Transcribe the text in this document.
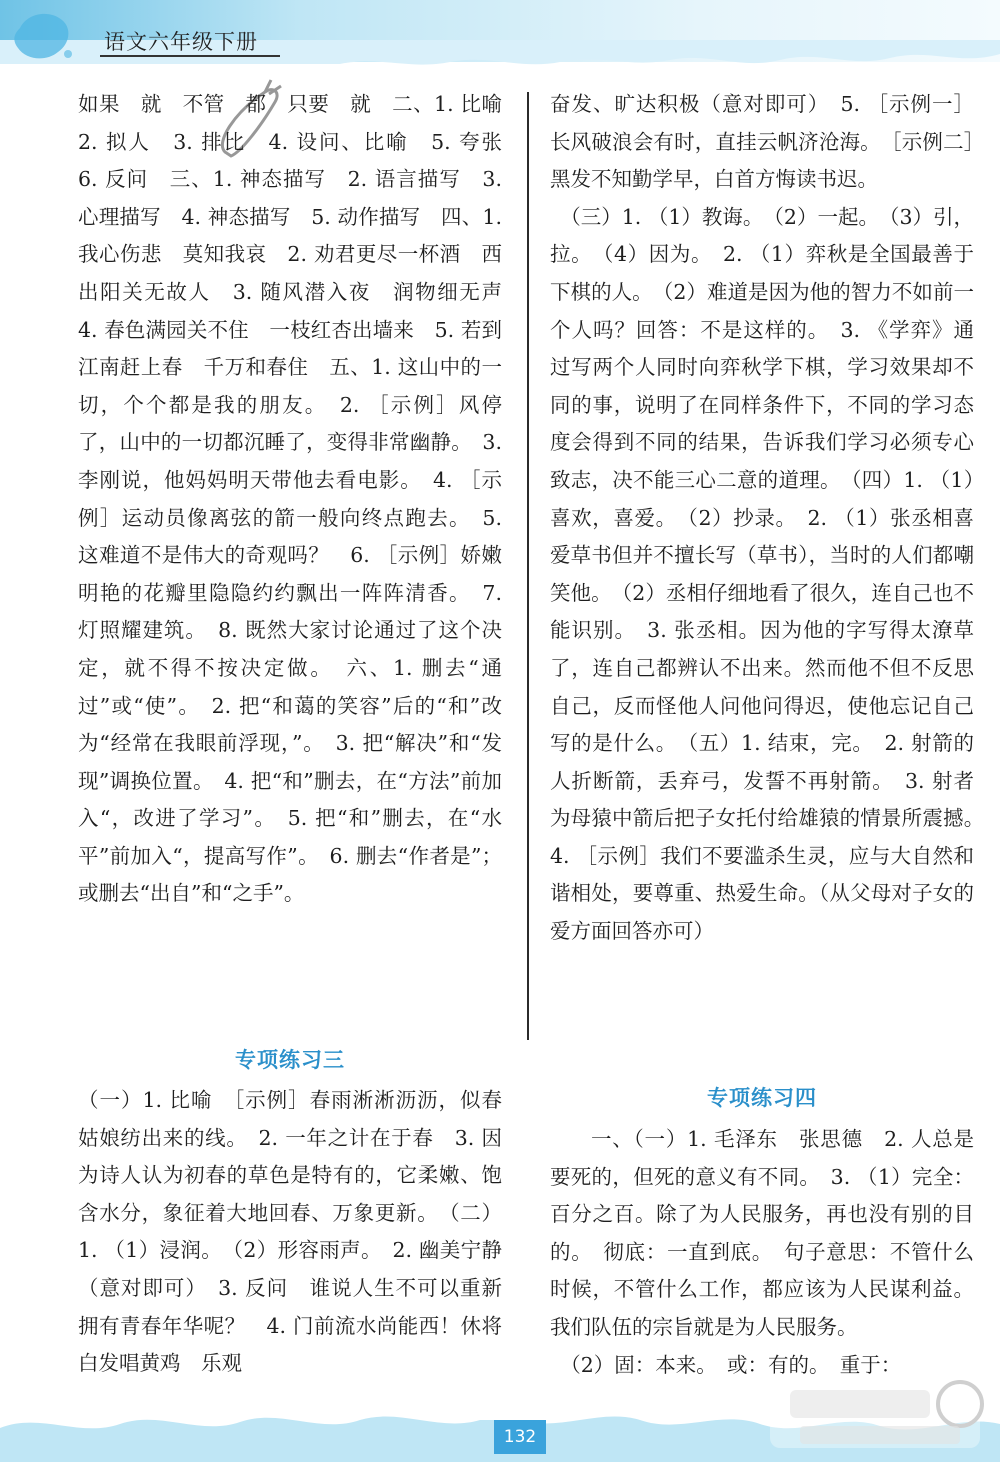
语文六年级下册

如果　就　不管　都　只要　就　二、1. 比喻　2. 拟人　3. 排比　4. 设问、比喻　5. 夸张　6. 反问　三、1. 神态描写　2. 语言描写　3. 心理描写　4. 神态描写　5. 动作描写　四、1. 我心伤悲　莫知我哀　2. 劝君更尽一杯酒　西出阳关无故人　3. 随风潜入夜　润物细无声　4. 春色满园关不住　一枝红杏出墙来　5. 若到江南赶上春　千万和春住　五、1. 这山中的一切，个个都是我的朋友。　2. ［示例］风停了，山中的一切都沉睡了，变得非常幽静。　3. 李刚说，他妈妈明天带他去看电影。　4. ［示例］运动员像离弦的箭一般向终点跑去。　5. 这难道不是伟大的奇观吗？　6. ［示例］娇嫩明艳的花瓣里隐隐约约飘出一阵阵清香。　7. 灯照耀建筑。　8. 既然大家讨论通过了这个决定，就不得不按决定做。　六、1. 删去“通过”或“使”。　2. 把“和蔼的笑容”后的“和”改为“经常在我眼前浮现，”。　3. 把“解决”和“发现”调换位置。　4. 把“和”删去，在“方法”前加入“，改进了学习”。　5. 把“和”删去，在“水平”前加入“，提高写作”。　6. 删去“作者是”；或删去“出自”和“之手”。

专项练习三

（一）1. 比喻　［示例］春雨淅淅沥沥，似春姑娘纺出来的线。　2. 一年之计在于春　3. 因为诗人认为初春的草色是特有的，它柔嫩、饱含水分，象征着大地回春、万象更新。　（二）1. （1）浸润。　（2）形容雨声。　2. 幽美宁静（意对即可）　3. 反问　谁说人生不可以重新拥有青春年华呢？　4. 门前流水尚能西！休将白发唱黄鸡　乐观

奋发、旷达积极（意对即可）　5. ［示例一］长风破浪会有时，直挂云帆济沧海。　［示例二］黑发不知勤学早，白首方悔读书迟。

（三）1. （1）教诲。　（2）一起。　（3）引，拉。　（4）因为。　2. （1）弈秋是全国最善于下棋的人。　（2）难道是因为他的智力不如前一个人吗？回答：不是这样的。　3. 《学弈》通过写两个人同时向弈秋学下棋，学习效果却不同的事，说明了在同样条件下，不同的学习态度会得到不同的结果，告诉我们学习必须专心致志，决不能三心二意的道理。　（四）1. （1）喜欢，喜爱。　（2）抄录。　2. （1）张丞相喜爱草书但并不擅长写（草书），当时的人们都嘲笑他。　（2）丞相仔细地看了很久，连自己也不能识别。　3. 张丞相。因为他的字写得太潦草了，连自己都辨认不出来。然而他不但不反思自己，反而怪他人问他问得迟，使他忘记自己写的是什么。　（五）1. 结束，完。　2. 射箭的人折断箭，丢弃弓，发誓不再射箭。　3. 射者为母猿中箭后把子女托付给雄猿的情景所震撼。　4. ［示例］我们不要滥杀生灵，应与大自然和谐相处，要尊重、热爱生命。（从父母对子女的爱方面回答亦可）

专项练习四

一、（一）1. 毛泽东　张思德　2. 人总是要死的，但死的意义有不同。　3. （1）完全：百分之百。除了为人民服务，再也没有别的目的。　彻底：一直到底。　句子意思：不管什么时候，不管什么工作，都应该为人民谋利益。我们队伍的宗旨就是为人民服务。

（2）固：本来。　或：有的。　重于：

132
